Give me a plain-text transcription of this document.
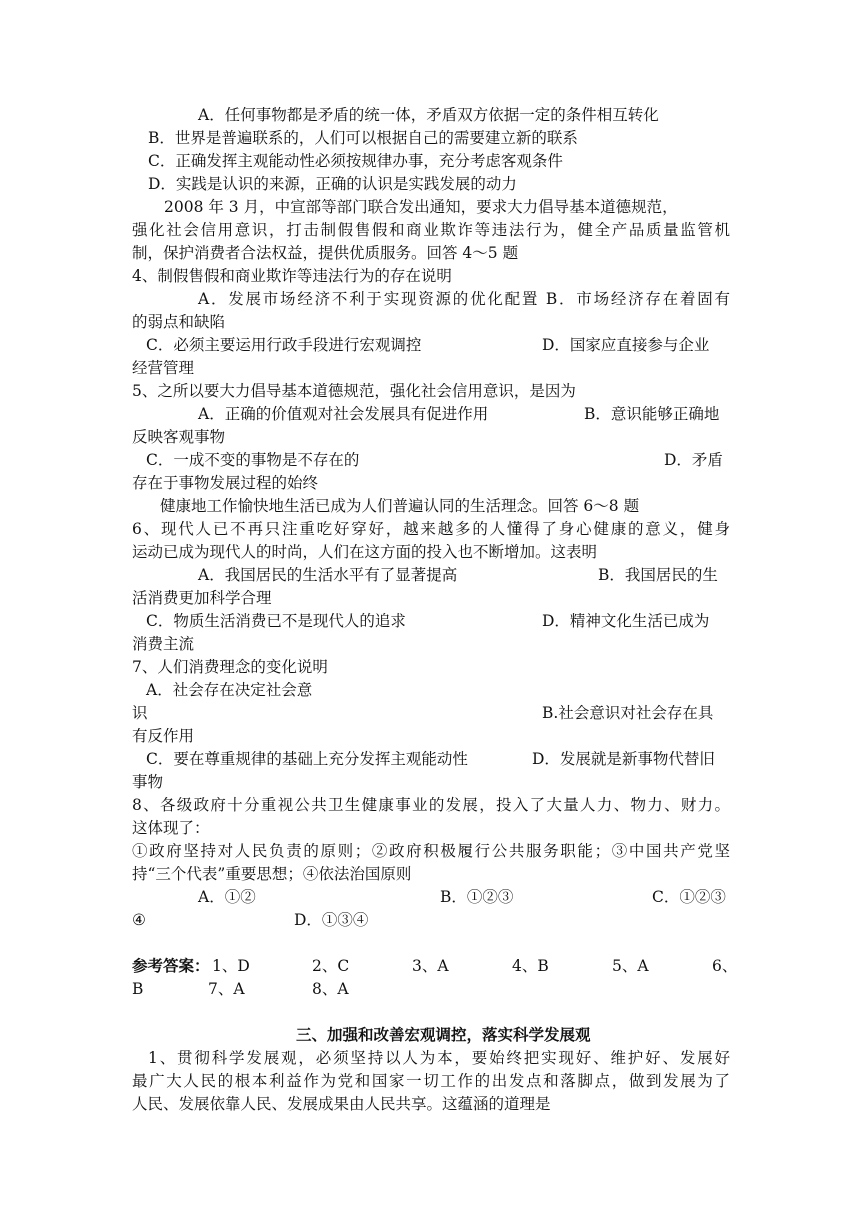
A．任何事物都是矛盾的统一体，矛盾双方依据一定的条件相互转化

B．世界是普遍联系的，人们可以根据自己的需要建立新的联系

C．正确发挥主观能动性必须按规律办事，充分考虑客观条件

D．实践是认识的来源，正确的认识是实践发展的动力

2008 年 3 月，中宣部等部门联合发出通知，要求大力倡导基本道德规范，

强化社会信用意识，打击制假售假和商业欺诈等违法行为，健全产品质量监管机

制，保护消费者合法权益，提供优质服务。回答 4～5 题

4、制假售假和商业欺诈等违法行为的存在说明

A．发展市场经济不利于实现资源的优化配置 B．市场经济存在着固有

的弱点和缺陷

C．必须主要运用行政手段进行宏观调控	D．国家应直接参与企业

经营管理

5、之所以要大力倡导基本道德规范，强化社会信用意识，是因为

A．正确的价值观对社会发展具有促进作用	B．意识能够正确地

反映客观事物

C．一成不变的事物是不存在的	D．矛盾

存在于事物发展过程的始终

健康地工作愉快地生活已成为人们普遍认同的生活理念。回答 6～8 题

6、现代人已不再只注重吃好穿好，越来越多的人懂得了身心健康的意义，健身

运动已成为现代人的时尚，人们在这方面的投入也不断增加。这表明

A．我国居民的生活水平有了显著提高	B．我国居民的生

活消费更加科学合理

C．物质生活消费已不是现代人的追求	D．精神文化生活已成为

消费主流

7、人们消费理念的变化说明

A．社会存在决定社会意

识	B.社会意识对社会存在具

有反作用

C．要在尊重规律的基础上充分发挥主观能动性	D．发展就是新事物代替旧

事物

8、各级政府十分重视公共卫生健康事业的发展，投入了大量人力、物力、财力。

这体现了：

①政府坚持对人民负责的原则；②政府积极履行公共服务职能；③中国共产党坚

持“三个代表”重要思想；④依法治国原则

A．①②	B．①②③	C．①②③

④	D．①③④

参考答案： 1、D	2、C	3、A	4、B	5、A	6、

B	7、A	8、A

三、加强和改善宏观调控，落实科学发展观

1、贯彻科学发展观，必须坚持以人为本，要始终把实现好、维护好、发展好

最广大人民的根本利益作为党和国家一切工作的出发点和落脚点，做到发展为了

人民、发展依靠人民、发展成果由人民共享。这蕴涵的道理是
